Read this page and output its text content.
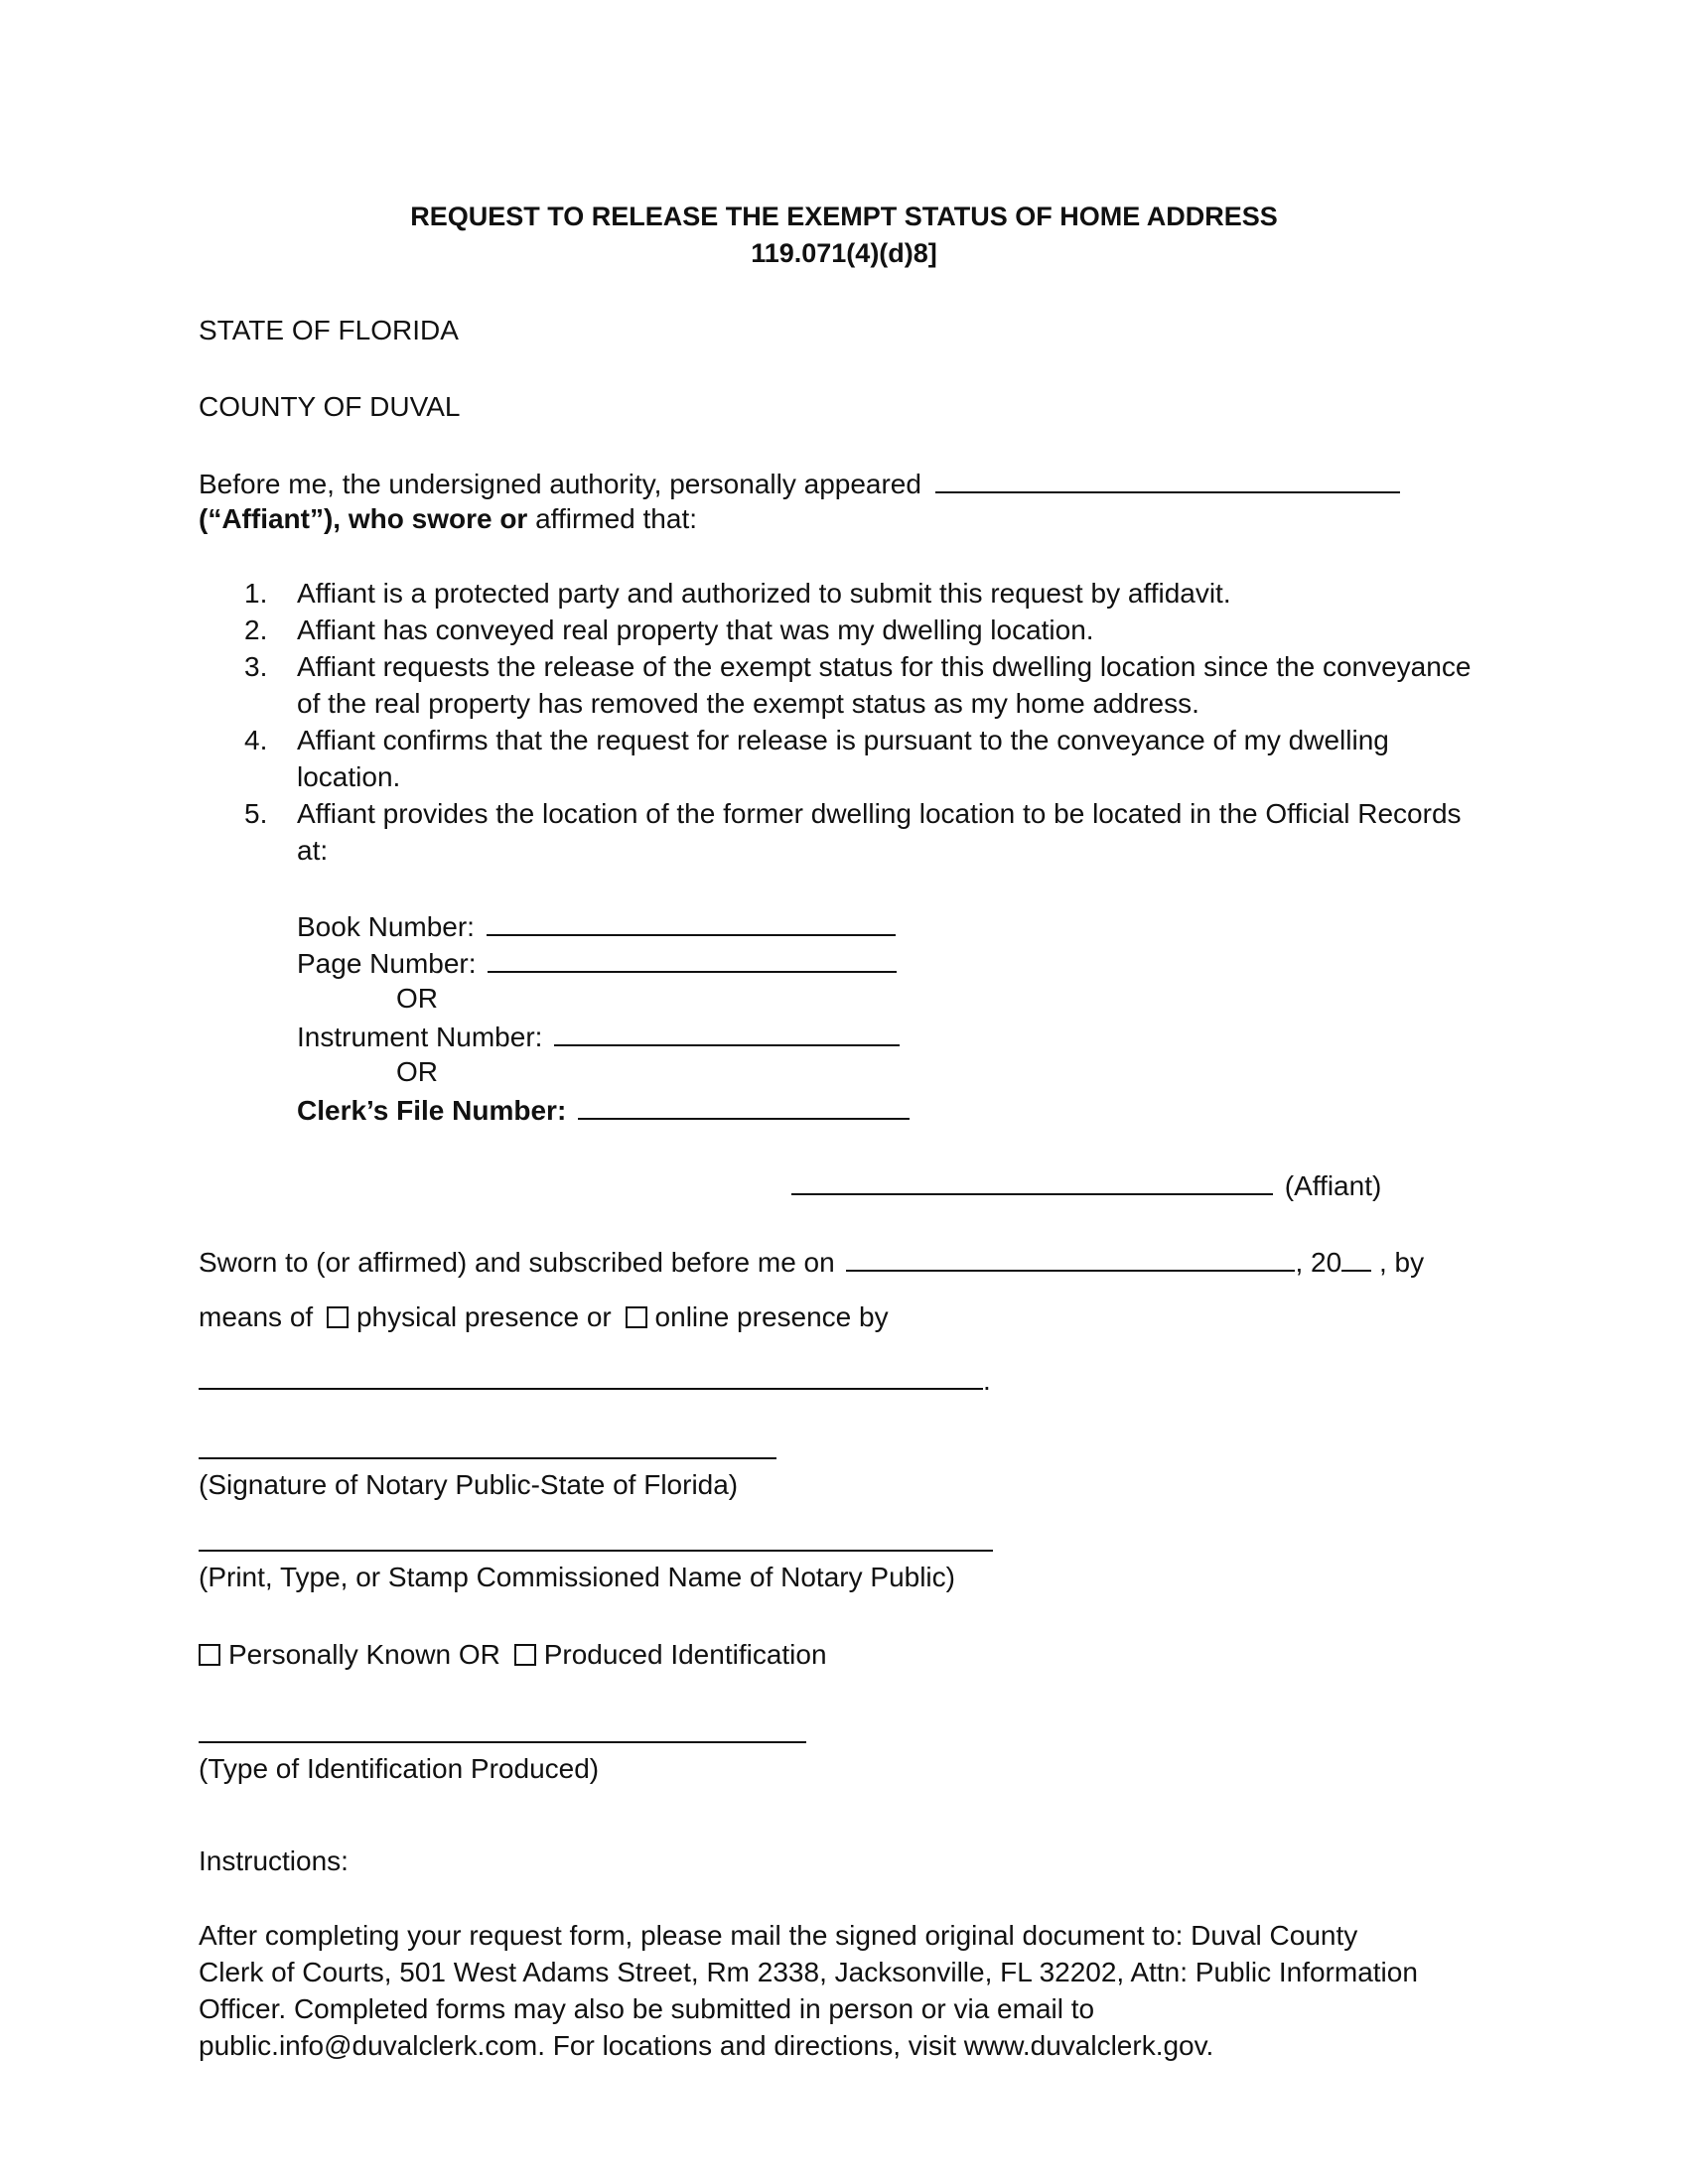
REQUEST TO RELEASE THE EXEMPT STATUS OF HOME ADDRESS
119.071(4)(d)8]
STATE OF FLORIDA
COUNTY OF DUVAL
Before me, the undersigned authority, personally appeared
(“Affiant”), who swore or affirmed that:
1. Affiant is a protected party and authorized to submit this request by affidavit.
2. Affiant has conveyed real property that was my dwelling location.
3. Affiant requests the release of the exempt status for this dwelling location since the conveyance of the real property has removed the exempt status as my home address.
4. Affiant confirms that the request for release is pursuant to the conveyance of my dwelling location.
5. Affiant provides the location of the former dwelling location to be located in the Official Records at:
Book Number:
Page Number:
OR
Instrument Number:
OR
Clerk’s File Number:
(Affiant)
Sworn to (or affirmed) and subscribed before me on	, 20 , by
means of physical presence or online presence by
.
(Signature of Notary Public-State of Florida)
(Print, Type, or Stamp Commissioned Name of Notary Public)
Personally Known OR Produced Identification
(Type of Identification Produced)
Instructions:
After completing your request form, please mail the signed original document to: Duval County
Clerk of Courts, 501 West Adams Street, Rm 2338, Jacksonville, FL 32202, Attn: Public Information
Officer. Completed forms may also be submitted in person or via email to
public.info@duvalclerk.com. For locations and directions, visit www.duvalclerk.gov.
